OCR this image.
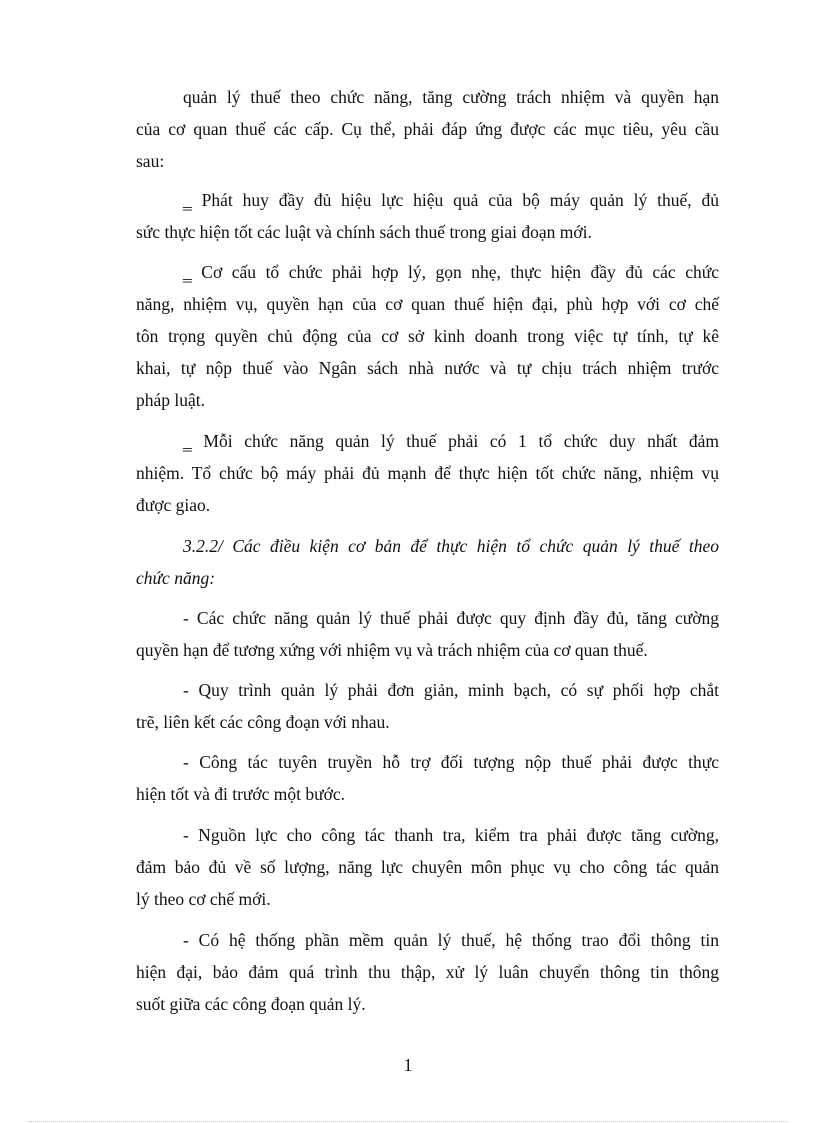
quản lý thuế theo chức năng, tăng cường trách nhiệm và quyền hạn
của cơ quan thuế các cấp. Cụ thể, phải đáp ứng được các mục tiêu, yêu cầu
sau:
‗ Phát huy đầy đủ hiệu lực hiệu quả của bộ máy quản lý thuế, đủ
sức thực hiện tốt các luật và chính sách thuế trong giai đoạn mới.
‗ Cơ cấu tổ chức phải hợp lý, gọn nhẹ, thực hiện đầy đủ các chức
năng, nhiệm vụ, quyền hạn của cơ quan thuế hiện đại, phù hợp với cơ chế
tôn trọng quyền chủ động của cơ sở kinh doanh trong việc tự tính, tự kê
khai, tự nộp thuế vào Ngân sách nhà nước và tự chịu trách nhiệm trước
pháp luật.
‗ Mỗi chức năng quản lý thuế phải có 1 tổ chức duy nhất đảm
nhiệm. Tổ chức bộ máy phải đủ mạnh để thực hiện tốt chức năng, nhiệm vụ
được giao.
3.2.2/ Các điều kiện cơ bản để thực hiện tổ chức quản lý thuế theo
chức năng:
- Các chức năng quản lý thuế phải được quy định đầy đủ, tăng cường
quyền hạn để tương xứng với nhiệm vụ và trách nhiệm của cơ quan thuế.
- Quy trình quản lý phải đơn giản, minh bạch, có sự phối hợp chắt
trẽ, liên kết các công đoạn với nhau.
- Công tác tuyên truyền hỗ trợ đối tượng nộp thuế phải được thực
hiện tốt và đi trước một bước.
- Nguồn lực cho công tác thanh tra, kiểm tra phải được tăng cường,
đảm bảo đủ về số lượng, năng lực chuyên môn phục vụ cho công tác quản
lý theo cơ chế mới.
- Có hệ thống phần mềm quản lý thuế, hệ thống trao đổi thông tin
hiện đại, bảo đảm quá trình thu thập, xử lý luân chuyển thông tin thông
suốt giữa các công đoạn quản lý.
1
